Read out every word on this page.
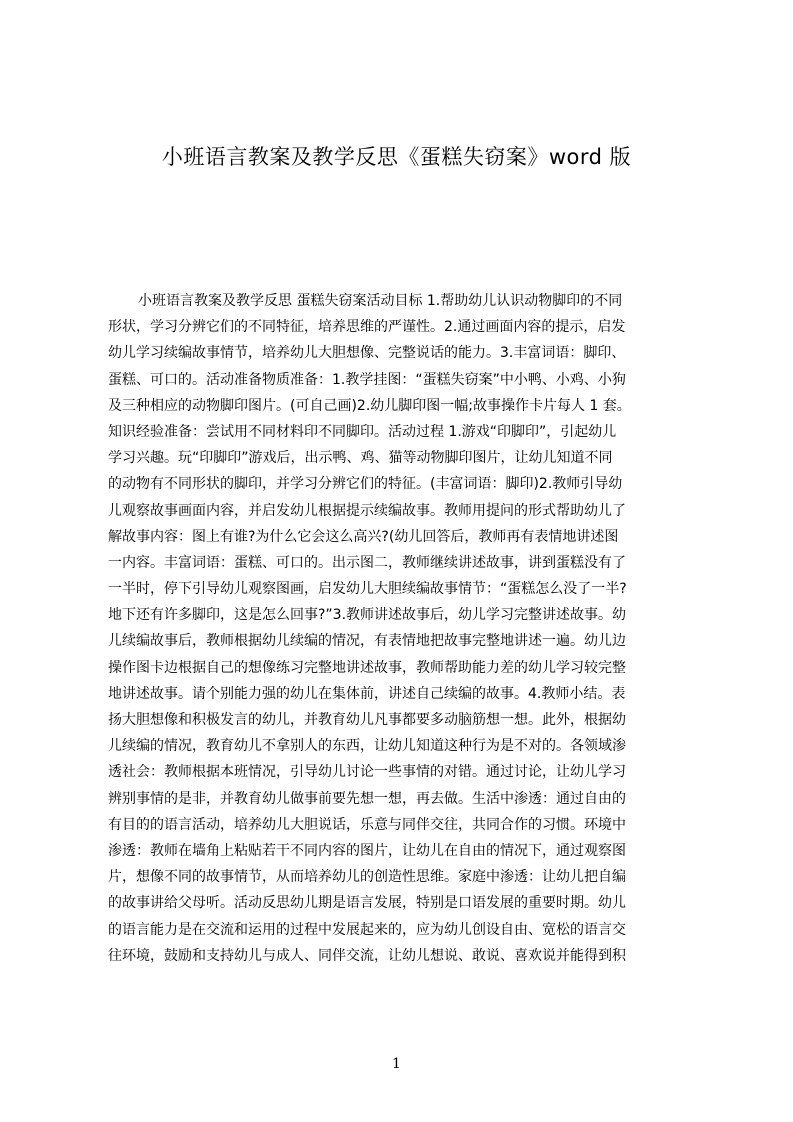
小班语言教案及教学反思《蛋糕失窃案》word 版
小班语言教案及教学反思 蛋糕失窃案活动目标 1.帮助幼儿认识动物脚印的不同
形状，学习分辨它们的不同特征，培养思维的严谨性。2.通过画面内容的提示，启发
幼儿学习续编故事情节，培养幼儿大胆想像、完整说话的能力。3.丰富词语：脚印、
蛋糕、可口的。活动准备物质准备：1.教学挂图：“蛋糕失窃案”中小鸭、小鸡、小狗
及三种相应的动物脚印图片。(可自己画)2.幼儿脚印图一幅;故事操作卡片每人 1 套。
知识经验准备：尝试用不同材料印不同脚印。活动过程 1.游戏“印脚印”，引起幼儿
学习兴趣。玩“印脚印”游戏后，出示鸭、鸡、猫等动物脚印图片，让幼儿知道不同
的动物有不同形状的脚印，并学习分辨它们的特征。(丰富词语：脚印)2.教师引导幼
儿观察故事画面内容，并启发幼儿根据提示续编故事。教师用提问的形式帮助幼儿了
解故事内容：图上有谁?为什么它会这么高兴?(幼儿回答后，教师再有表情地讲述图
一内容。丰富词语：蛋糕、可口的。出示图二，教师继续讲述故事，讲到蛋糕没有了
一半时，停下引导幼儿观察图画，启发幼儿大胆续编故事情节：“蛋糕怎么没了一半?
地下还有许多脚印，这是怎么回事?”3.教师讲述故事后，幼儿学习完整讲述故事。幼
儿续编故事后，教师根据幼儿续编的情况，有表情地把故事完整地讲述一遍。幼儿边
操作图卡边根据自己的想像练习完整地讲述故事，教师帮助能力差的幼儿学习较完整
地讲述故事。请个别能力强的幼儿在集体前，讲述自己续编的故事。4.教师小结。表
扬大胆想像和积极发言的幼儿，并教育幼儿凡事都要多动脑筋想一想。此外，根据幼
儿续编的情况，教育幼儿不拿别人的东西，让幼儿知道这种行为是不对的。各领域渗
透社会：教师根据本班情况，引导幼儿讨论一些事情的对错。通过讨论，让幼儿学习
辨别事情的是非，并教育幼儿做事前要先想一想，再去做。生活中渗透：通过自由的
有目的的语言活动，培养幼儿大胆说话，乐意与同伴交往，共同合作的习惯。环境中
渗透：教师在墙角上粘贴若干不同内容的图片，让幼儿在自由的情况下，通过观察图
片，想像不同的故事情节，从而培养幼儿的创造性思维。家庭中渗透：让幼儿把自编
的故事讲给父母听。活动反思幼儿期是语言发展，特别是口语发展的重要时期。幼儿
的语言能力是在交流和运用的过程中发展起来的，应为幼儿创设自由、宽松的语言交
往环境，鼓励和支持幼儿与成人、同伴交流，让幼儿想说、敢说、喜欢说并能得到积
1
